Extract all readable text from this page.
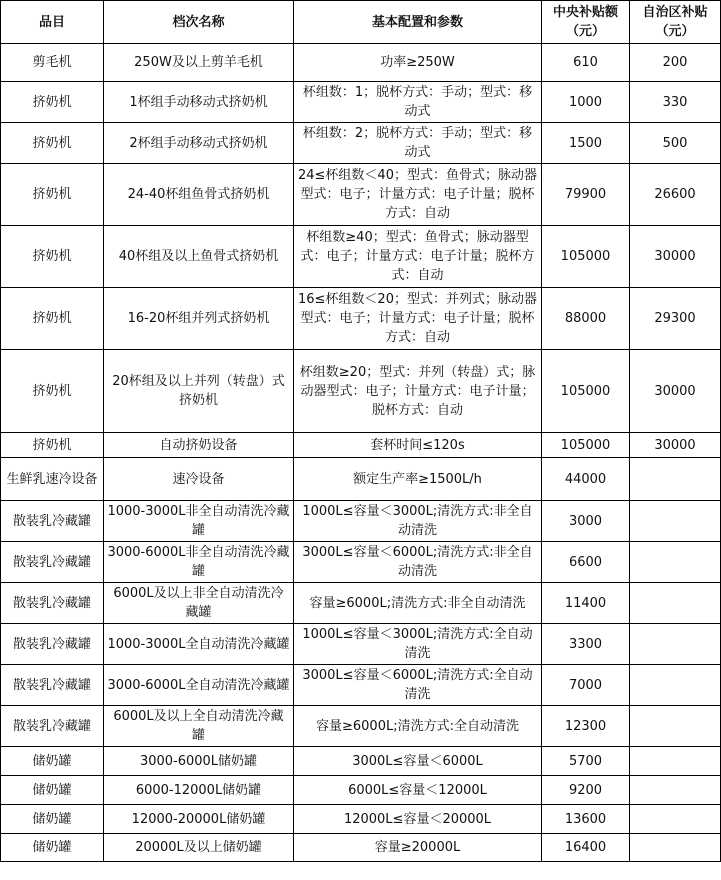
品目	档次名称	基本配置和参数	中央补贴额（元）	自治区补贴（元）
剪毛机	250W及以上剪羊毛机	功率≥250W	610	200
挤奶机	1杯组手动移动式挤奶机	杯组数：1；脱杯方式：手动；型式：移动式	1000	330
挤奶机	2杯组手动移动式挤奶机	杯组数：2；脱杯方式：手动；型式：移动式	1500	500
挤奶机	24-40杯组鱼骨式挤奶机	24≤杯组数＜40；型式：鱼骨式；脉动器型式：电子；计量方式：电子计量；脱杯方式：自动	79900	26600
挤奶机	40杯组及以上鱼骨式挤奶机	杯组数≥40；型式：鱼骨式；脉动器型式：电子；计量方式：电子计量；脱杯方式：自动	105000	30000
挤奶机	16-20杯组并列式挤奶机	16≤杯组数＜20；型式：并列式；脉动器型式：电子；计量方式：电子计量；脱杯方式：自动	88000	29300
挤奶机	20杯组及以上并列（转盘）式挤奶机	杯组数≥20；型式：并列（转盘）式；脉动器型式：电子；计量方式：电子计量；脱杯方式：自动	105000	30000
挤奶机	自动挤奶设备	套杯时间≤120s	105000	30000
生鲜乳速冷设备	速冷设备	额定生产率≥1500L/h	44000	
散装乳冷藏罐	1000-3000L非全自动清洗冷藏罐	1000L≤容量＜3000L;清洗方式:非全自动清洗	3000	
散装乳冷藏罐	3000-6000L非全自动清洗冷藏罐	3000L≤容量＜6000L;清洗方式:非全自动清洗	6600	
散装乳冷藏罐	6000L及以上非全自动清洗冷藏罐	容量≥6000L;清洗方式:非全自动清洗	11400	
散装乳冷藏罐	1000-3000L全自动清洗冷藏罐	1000L≤容量＜3000L;清洗方式:全自动清洗	3300	
散装乳冷藏罐	3000-6000L全自动清洗冷藏罐	3000L≤容量＜6000L;清洗方式:全自动清洗	7000	
散装乳冷藏罐	6000L及以上全自动清洗冷藏罐	容量≥6000L;清洗方式:全自动清洗	12300	
储奶罐	3000-6000L储奶罐	3000L≤容量＜6000L	5700	
储奶罐	6000-12000L储奶罐	6000L≤容量＜12000L	9200	
储奶罐	12000-20000L储奶罐	12000L≤容量＜20000L	13600	
储奶罐	20000L及以上储奶罐	容量≥20000L	16400	
